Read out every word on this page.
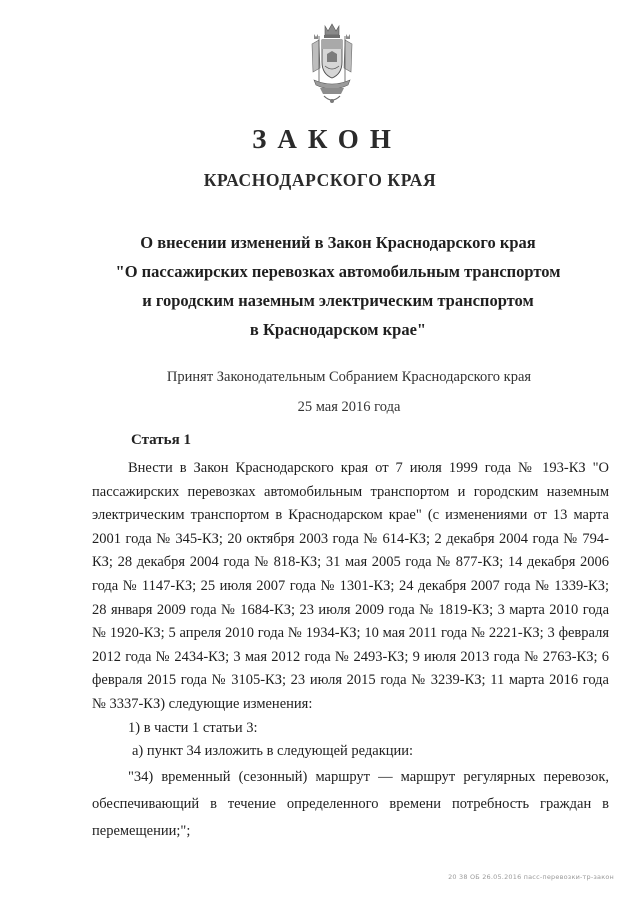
ЗАКОН
КРАСНОДАРСКОГО КРАЯ
О внесении изменений в Закон Краснодарского края
"О пассажирских перевозках автомобильным транспортом
и городским наземным электрическим транспортом
в Краснодарском крае"
Принят Законодательным Собранием Краснодарского края
25 мая 2016 года
Статья 1

Внести в Закон Краснодарского края от 7 июля 1999 года № 193-КЗ "О пассажирских перевозках автомобильным транспортом и городским наземным электрическим транспортом в Краснодарском крае" (с изменениями от 13 марта 2001 года № 345-КЗ; 20 октября 2003 года № 614-КЗ; 2 декабря 2004 года № 794-КЗ; 28 декабря 2004 года № 818-КЗ; 31 мая 2005 года № 877-КЗ; 14 декабря 2006 года № 1147-КЗ; 25 июля 2007 года № 1301-КЗ; 24 декабря 2007 года № 1339-КЗ; 28 января 2009 года № 1684-КЗ; 23 июля 2009 года № 1819-КЗ; 3 марта 2010 года № 1920-КЗ; 5 апреля 2010 года № 1934-КЗ; 10 мая 2011 года № 2221-КЗ; 3 февраля 2012 года № 2434-КЗ; 3 мая 2012 года № 2493-КЗ; 9 июля 2013 года № 2763-КЗ; 6 февраля 2015 года № 3105-КЗ; 23 июля 2015 года № 3239-КЗ; 11 марта 2016 года № 3337-КЗ) следующие изменения:

1) в части 1 статьи 3:

а) пункт 34 изложить в следующей редакции:

"34) временный (сезонный) маршрут — маршрут регулярных перевозок, обеспечивающий в течение определенного времени потребность граждан в перемещении;";

20 38 ОБ 26.05.2016 пасс-перевозки-тр-закон
